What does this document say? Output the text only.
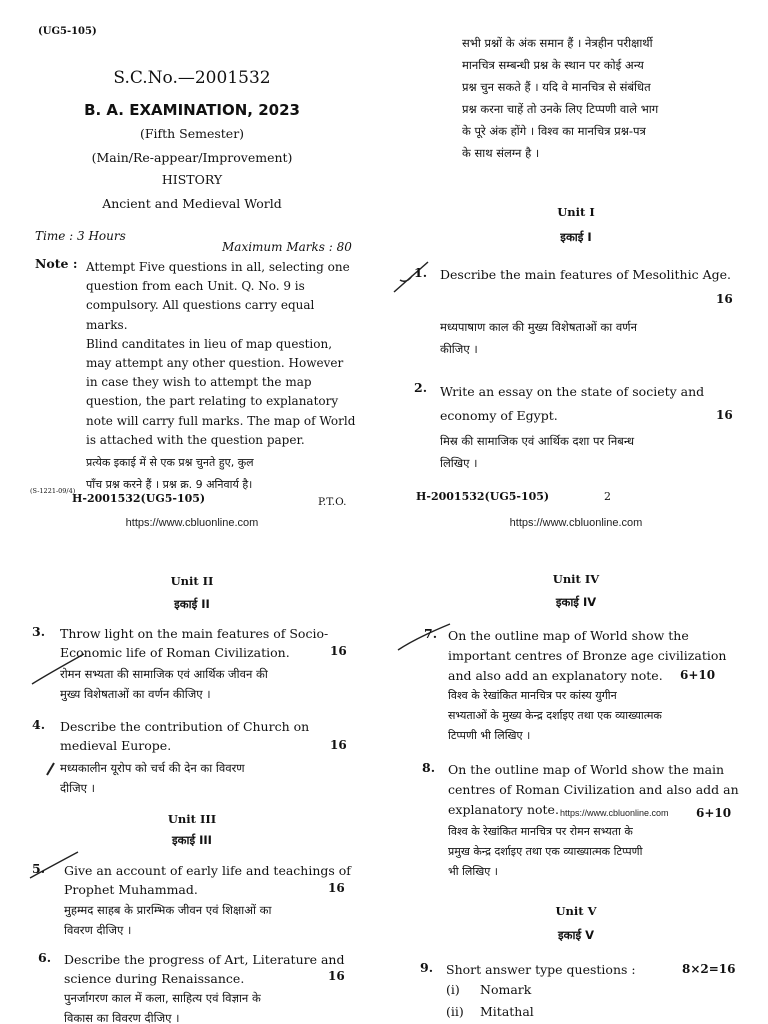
(UG5-105)
S.C.No.—2001532
B. A. EXAMINATION, 2023
(Fifth Semester)
(Main/Re-appear/Improvement)
HISTORY
Ancient and Medieval World
Time : 3 Hours
Maximum Marks : 80
Note : Attempt Five questions in all, selecting one
question from each Unit. Q. No. 9 is
compulsory. All questions carry equal marks.
Blind canditates in lieu of map question,
may attempt any other question. However
in case they wish to attempt the map
question, the part relating to explanatory
note will carry full marks. The map of World
is attached with the question paper.
प्रत्येक इकाई में से एक प्रश्न चुनते हुए, कुल
पाँच प्रश्न करने हैं । प्रश्न क्र. 9 अनिवार्य है।
(S-1221-09/4)
H-2001532(UG5-105)	P.T.O.
https://www.cbluonline.com
सभी प्रश्नों के अंक समान हैं । नेत्रहीन परीक्षार्थी
मानचित्र सम्बन्धी प्रश्न के स्थान पर कोई अन्य
प्रश्न चुन सकते हैं । यदि वे मानचित्र से संबंधित
प्रश्न करना चाहें तो उनके लिए टिप्पणी वाले भाग
के पूरे अंक होंगे । विश्व का मानचित्र प्रश्न-पत्र
के साथ संलग्न है ।
Unit I
इकाई I
1. Describe the main features of Mesolithic Age.
16
मध्यपाषाण काल की मुख्य विशेषताओं का वर्णन
कीजिए ।
2. Write an essay on the state of society and
economy of Egypt.	16
मिस्र की सामाजिक एवं आर्थिक दशा पर निबन्ध
लिखिए ।
H-2001532(UG5-105)	2
https://www.cbluonline.com
Unit II
इकाई II
3. Throw light on the main features of Socio-
Economic life of Roman Civilization.	16
रोमन सभ्यता की सामाजिक एवं आर्थिक जीवन की
मुख्य विशेषताओं का वर्णन कीजिए ।
4. Describe the contribution of Church on
medieval Europe.	16
मध्यकालीन यूरोप को चर्च की देन का विवरण
दीजिए ।
Unit III
इकाई III
5. Give an account of early life and teachings of
Prophet Muhammad.	16
मुहम्मद साहब के प्रारम्भिक जीवन एवं शिक्षाओं का
विवरण दीजिए ।
6. Describe the progress of Art, Literature and
science during Renaissance.	16
पुनर्जागरण काल में कला, साहित्य एवं विज्ञान के
विकास का विवरण दीजिए ।
Unit IV
इकाई IV
7. On the outline map of World show the
important centres of Bronze age civilization
and also add an explanatory note.	6+10
विश्व के रेखांकित मानचित्र पर कांस्य युगीन
सभ्यताओं के मुख्य केन्द्र दर्शाइए तथा एक व्याख्यात्मक
टिप्पणी भी लिखिए ।
8. On the outline map of World show the main
centres of Roman Civilization and also add an
explanatory note. https://www.cbluonline.com 6+10
विश्व के रेखांकित मानचित्र पर रोमन सभ्यता के
प्रमुख केन्द्र दर्शाइए तथा एक व्याख्यात्मक टिप्पणी
भी लिखिए ।
Unit V
इकाई V
9. Short answer type questions :	8×2=16
(i) Nomark
(ii) Mitathal
